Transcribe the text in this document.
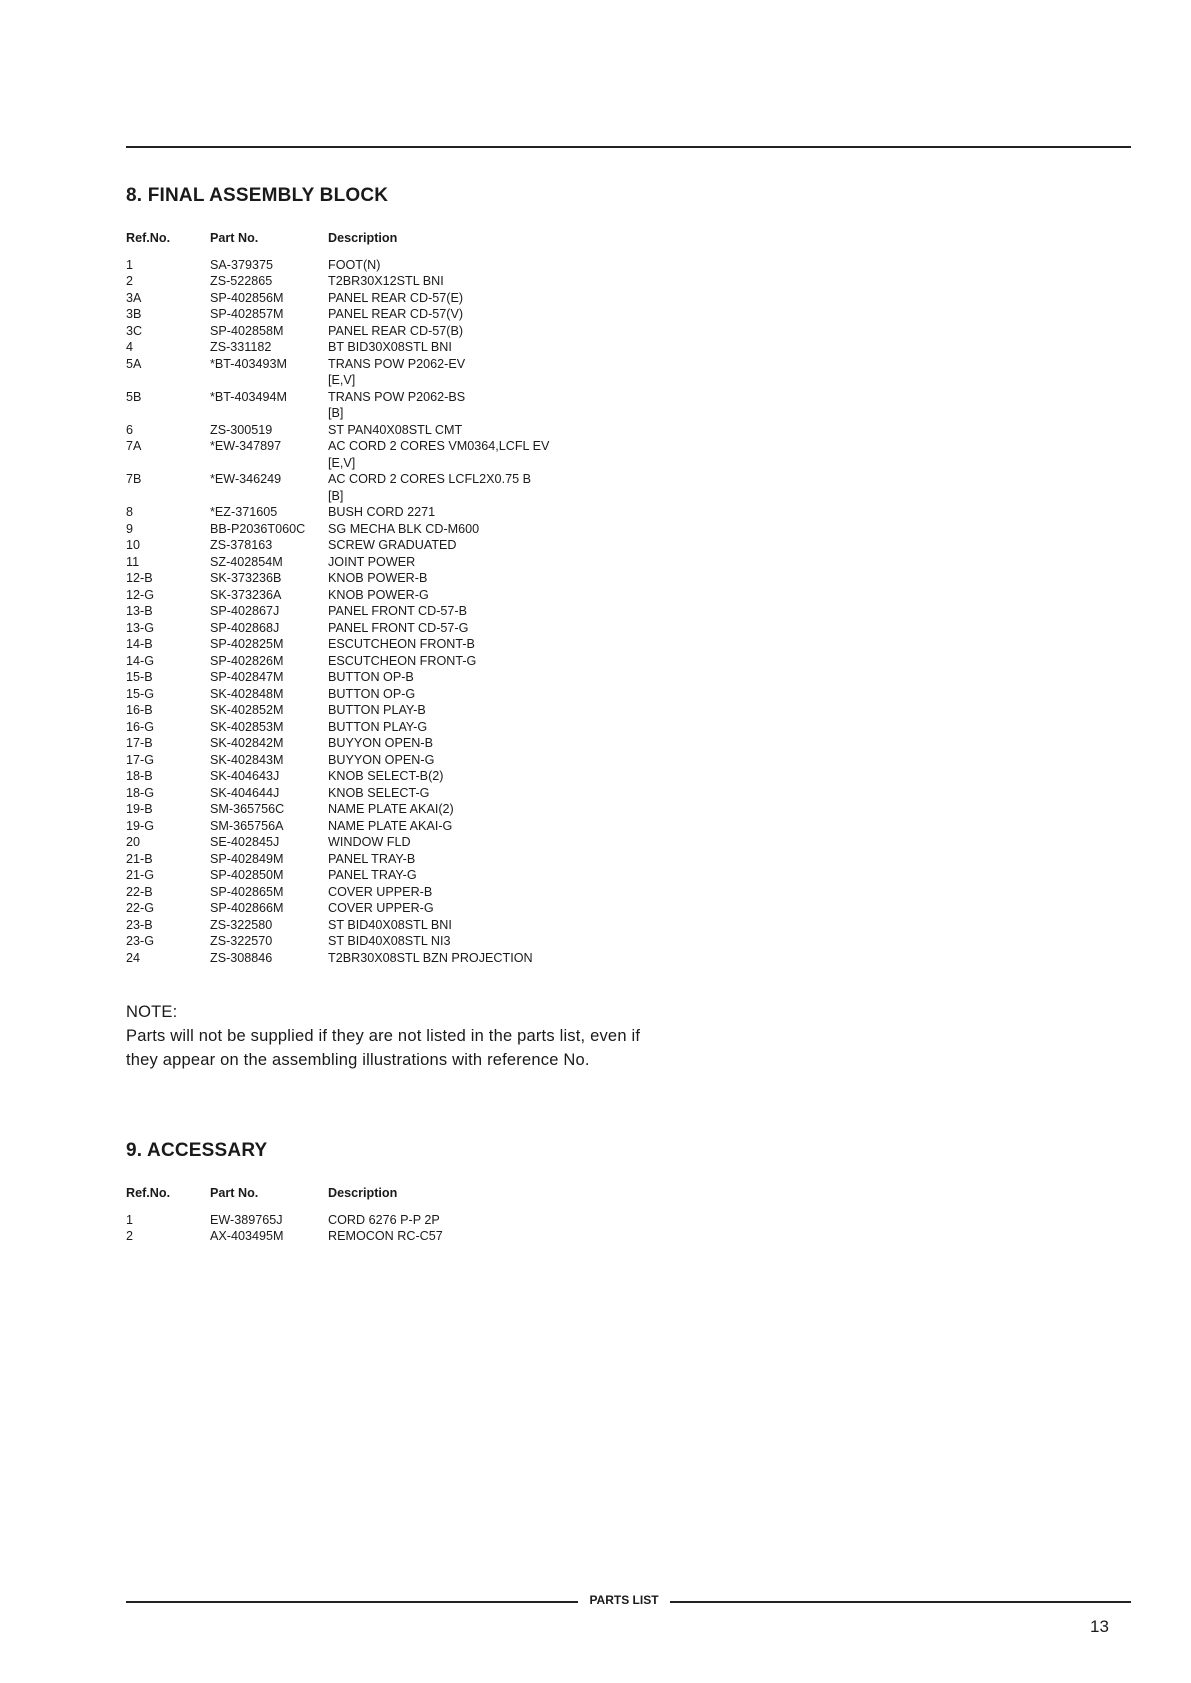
8. FINAL ASSEMBLY BLOCK
Ref.No.	Part No.	Description
1	SA-379375	FOOT(N)
2	ZS-522865	T2BR30X12STL BNI
3A	SP-402856M	PANEL REAR CD-57(E)
3B	SP-402857M	PANEL REAR CD-57(V)
3C	SP-402858M	PANEL REAR CD-57(B)
4	ZS-331182	BT BID30X08STL BNI
5A	*BT-403493M	TRANS POW P2062-EV
		[E,V]
5B	*BT-403494M	TRANS POW P2062-BS
		[B]
6	ZS-300519	ST PAN40X08STL CMT
7A	*EW-347897	AC CORD 2 CORES VM0364,LCFL EV
		[E,V]
7B	*EW-346249	AC CORD 2 CORES LCFL2X0.75 B
		[B]
8	*EZ-371605	BUSH CORD 2271
9	BB-P2036T060C	SG MECHA BLK CD-M600
10	ZS-378163	SCREW GRADUATED
11	SZ-402854M	JOINT POWER
12-B	SK-373236B	KNOB POWER-B
12-G	SK-373236A	KNOB POWER-G
13-B	SP-402867J	PANEL FRONT CD-57-B
13-G	SP-402868J	PANEL FRONT CD-57-G
14-B	SP-402825M	ESCUTCHEON FRONT-B
14-G	SP-402826M	ESCUTCHEON FRONT-G
15-B	SP-402847M	BUTTON OP-B
15-G	SK-402848M	BUTTON OP-G
16-B	SK-402852M	BUTTON PLAY-B
16-G	SK-402853M	BUTTON PLAY-G
17-B	SK-402842M	BUYYON OPEN-B
17-G	SK-402843M	BUYYON OPEN-G
18-B	SK-404643J	KNOB SELECT-B(2)
18-G	SK-404644J	KNOB SELECT-G
19-B	SM-365756C	NAME PLATE AKAI(2)
19-G	SM-365756A	NAME PLATE AKAI-G
20	SE-402845J	WINDOW FLD
21-B	SP-402849M	PANEL TRAY-B
21-G	SP-402850M	PANEL TRAY-G
22-B	SP-402865M	COVER UPPER-B
22-G	SP-402866M	COVER UPPER-G
23-B	ZS-322580	ST BID40X08STL BNI
23-G	ZS-322570	ST BID40X08STL NI3
24	ZS-308846	T2BR30X08STL BZN PROJECTION
NOTE:
Parts will not be supplied if they are not listed in the parts list, even if they appear on the assembling illustrations with reference No.
9. ACCESSARY
Ref.No.	Part No.	Description
1	EW-389765J	CORD 6276 P-P 2P
2	AX-403495M	REMOCON RC-C57
PARTS LIST
13
